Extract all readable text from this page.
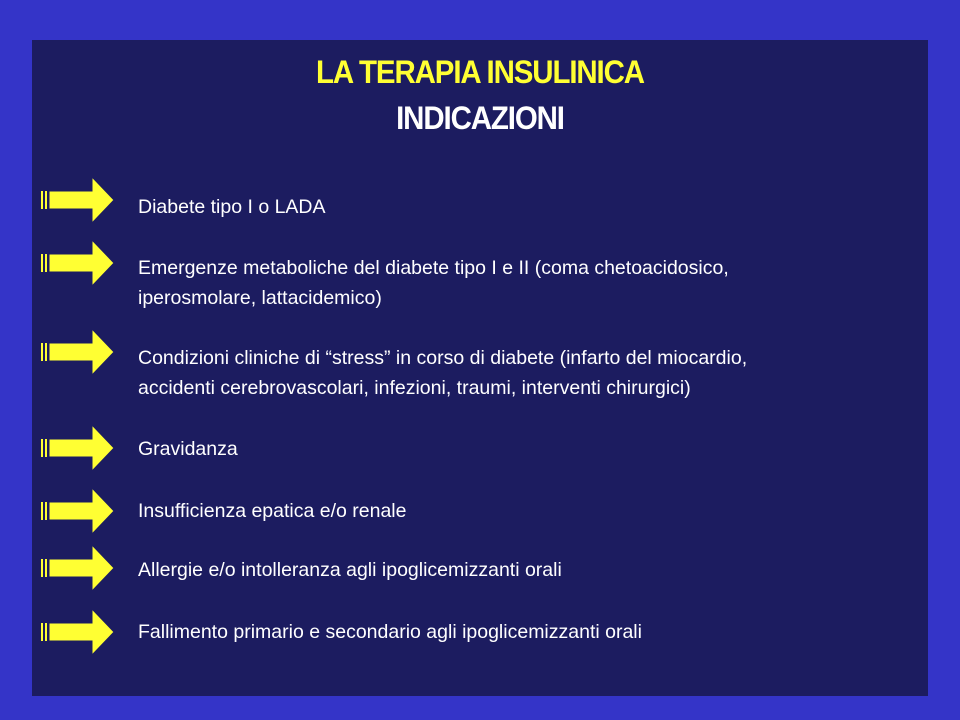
LA TERAPIA INSULINICA
INDICAZIONI
Diabete tipo I o LADA
Emergenze metaboliche del diabete tipo I e II (coma chetoacidosico,
iperosmolare, lattacidemico)
Condizioni cliniche di “stress” in corso di diabete (infarto del miocardio,
accidenti cerebrovascolari, infezioni, traumi, interventi chirurgici)
Gravidanza
Insufficienza epatica e/o renale
Allergie e/o intolleranza agli ipoglicemizzanti orali
Fallimento primario e secondario agli ipoglicemizzanti orali
